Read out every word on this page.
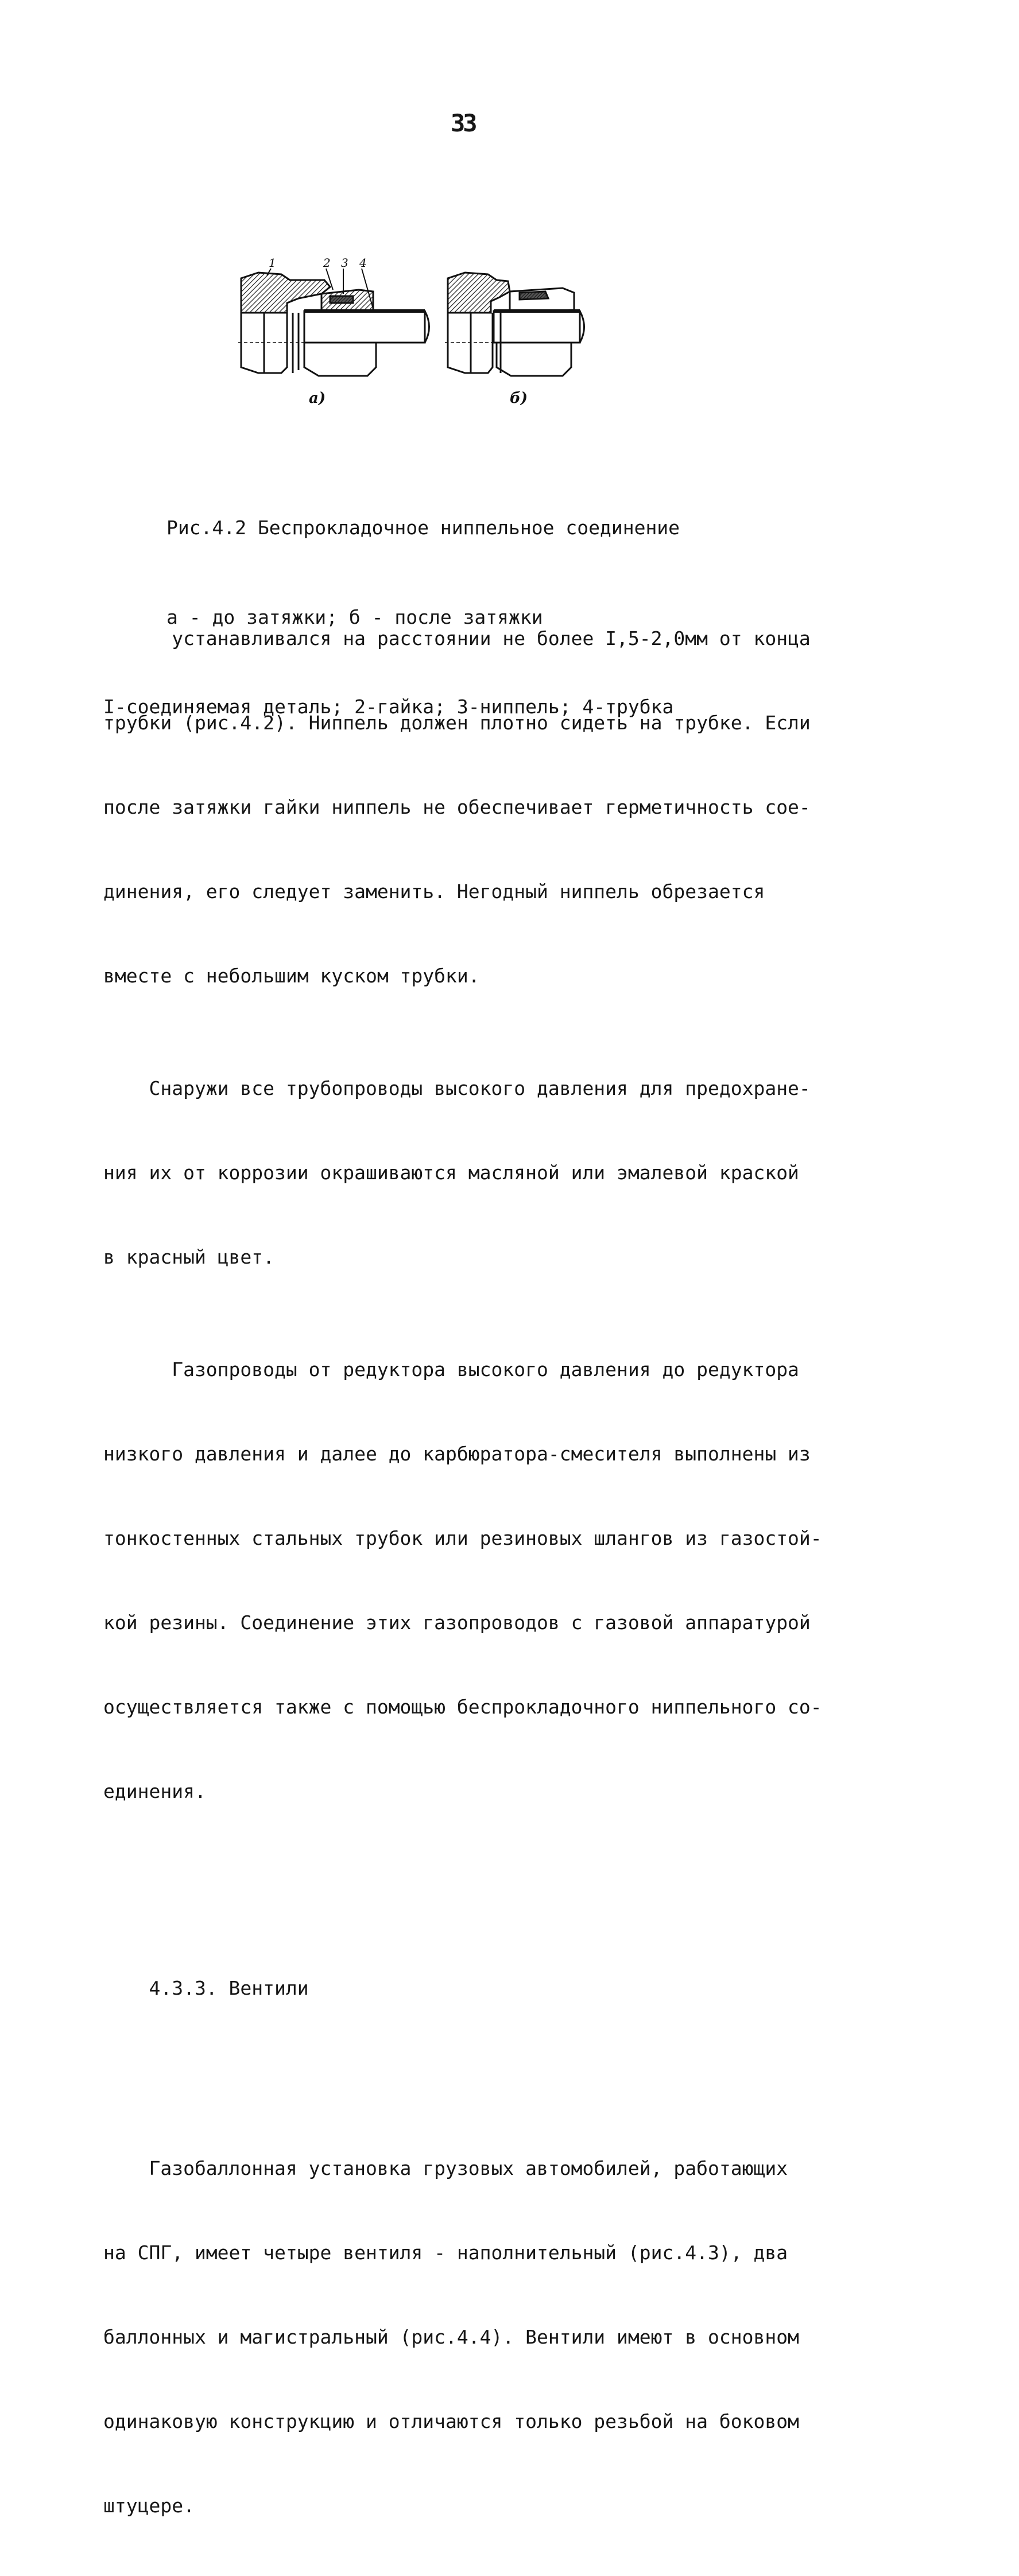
33
1	2 3 4
а)	б)

Рис.4.2 Беспрокладочное ниппельное соединение

а - до затяжки; б - после затяжки

I-соединяемая деталь; 2-гайка; 3-ниппель; 4-трубка

устанавливался на расстоянии не более I,5-2,0мм от конца

трубки (рис.4.2). Ниппель должен плотно сидеть на трубке. Если

после затяжки гайки ниппель не обеспечивает герметичность сое-

динения, его следует заменить. Негодный ниппель обрезается

вместе с небольшим куском трубки.

Снаружи все трубопроводы высокого давления для предохране-

ния их от коррозии окрашиваются масляной или эмалевой краской

в красный цвет.

Газопроводы от редуктора высокого давления до редуктора

низкого давления и далее до карбюратора-смесителя выполнены из

тонкостенных стальных трубок или резиновых шлангов из газостой-

кой резины. Соединение этих газопроводов с газовой аппаратурой

осуществляется также с помощью беспрокладочного ниппельного со-

единения.

4.3.3. Вентили

Газобаллонная установка грузовых автомобилей, работающих

на СПГ, имеет четыре вентиля - наполнительный (рис.4.3), два

баллонных и магистральный (рис.4.4). Вентили имеют в основном

одинаковую конструкцию и отличаются только резьбой на боковом

штуцере.
